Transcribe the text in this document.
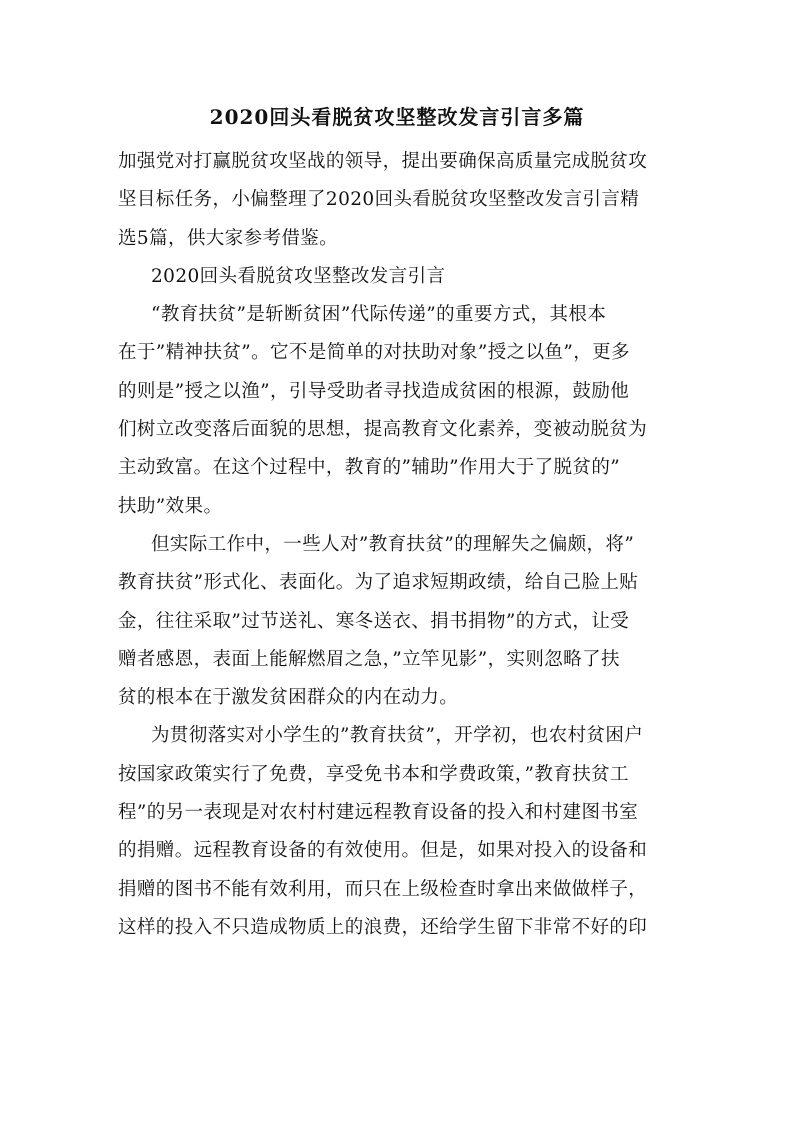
2020回头看脱贫攻坚整改发言引言多篇
加强党对打赢脱贫攻坚战的领导，提出要确保高质量完成脱贫攻
坚目标任务，小偏整理了2020回头看脱贫攻坚整改发言引言精
选5篇，供大家参考借鉴。
2020回头看脱贫攻坚整改发言引言
“教育扶贫”是斩断贫困”代际传递”的重要方式，其根本
在于”精神扶贫”。它不是简单的对扶助对象”授之以鱼”，更多
的则是”授之以渔”，引导受助者寻找造成贫困的根源，鼓励他
们树立改变落后面貌的思想，提高教育文化素养，变被动脱贫为
主动致富。在这个过程中，教育的”辅助”作用大于了脱贫的”
扶助”效果。
但实际工作中，一些人对”教育扶贫”的理解失之偏颇，将”
教育扶贫”形式化、表面化。为了追求短期政绩，给自己脸上贴
金，往往采取”过节送礼、寒冬送衣、捐书捐物”的方式，让受
赠者感恩，表面上能解燃眉之急，”立竿见影”，实则忽略了扶
贫的根本在于激发贫困群众的内在动力。
为贯彻落实对小学生的”教育扶贫”，开学初，也农村贫困户
按国家政策实行了免费，享受免书本和学费政策，”教育扶贫工
程”的另一表现是对农村村建远程教育设备的投入和村建图书室
的捐赠。远程教育设备的有效使用。但是，如果对投入的设备和
捐赠的图书不能有效利用，而只在上级检查时拿出来做做样子，
这样的投入不只造成物质上的浪费，还给学生留下非常不好的印
